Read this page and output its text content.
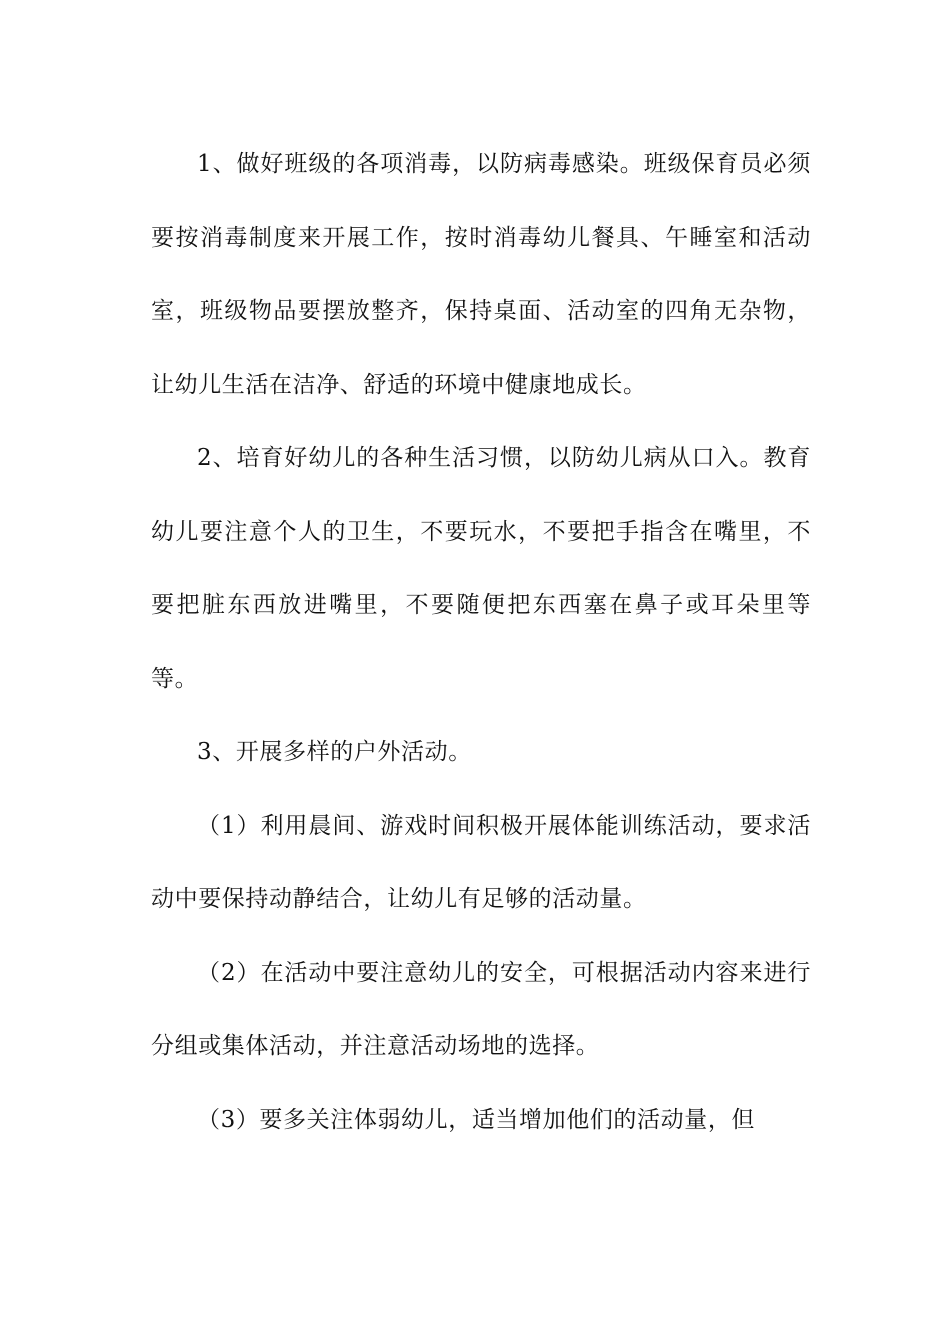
1、做好班级的各项消毒，以防病毒感染。班级保育员必须要按消毒制度来开展工作，按时消毒幼儿餐具、午睡室和活动室，班级物品要摆放整齐，保持桌面、活动室的四角无杂物，让幼儿生活在洁净、舒适的环境中健康地成长。

2、培育好幼儿的各种生活习惯，以防幼儿病从口入。教育幼儿要注意个人的卫生，不要玩水，不要把手指含在嘴里，不要把脏东西放进嘴里，不要随便把东西塞在鼻子或耳朵里等等。

3、开展多样的户外活动。

（1）利用晨间、游戏时间积极开展体能训练活动，要求活动中要保持动静结合，让幼儿有足够的活动量。

（2）在活动中要注意幼儿的安全，可根据活动内容来进行分组或集体活动，并注意活动场地的选择。

（3）要多关注体弱幼儿，适当增加他们的活动量，但
